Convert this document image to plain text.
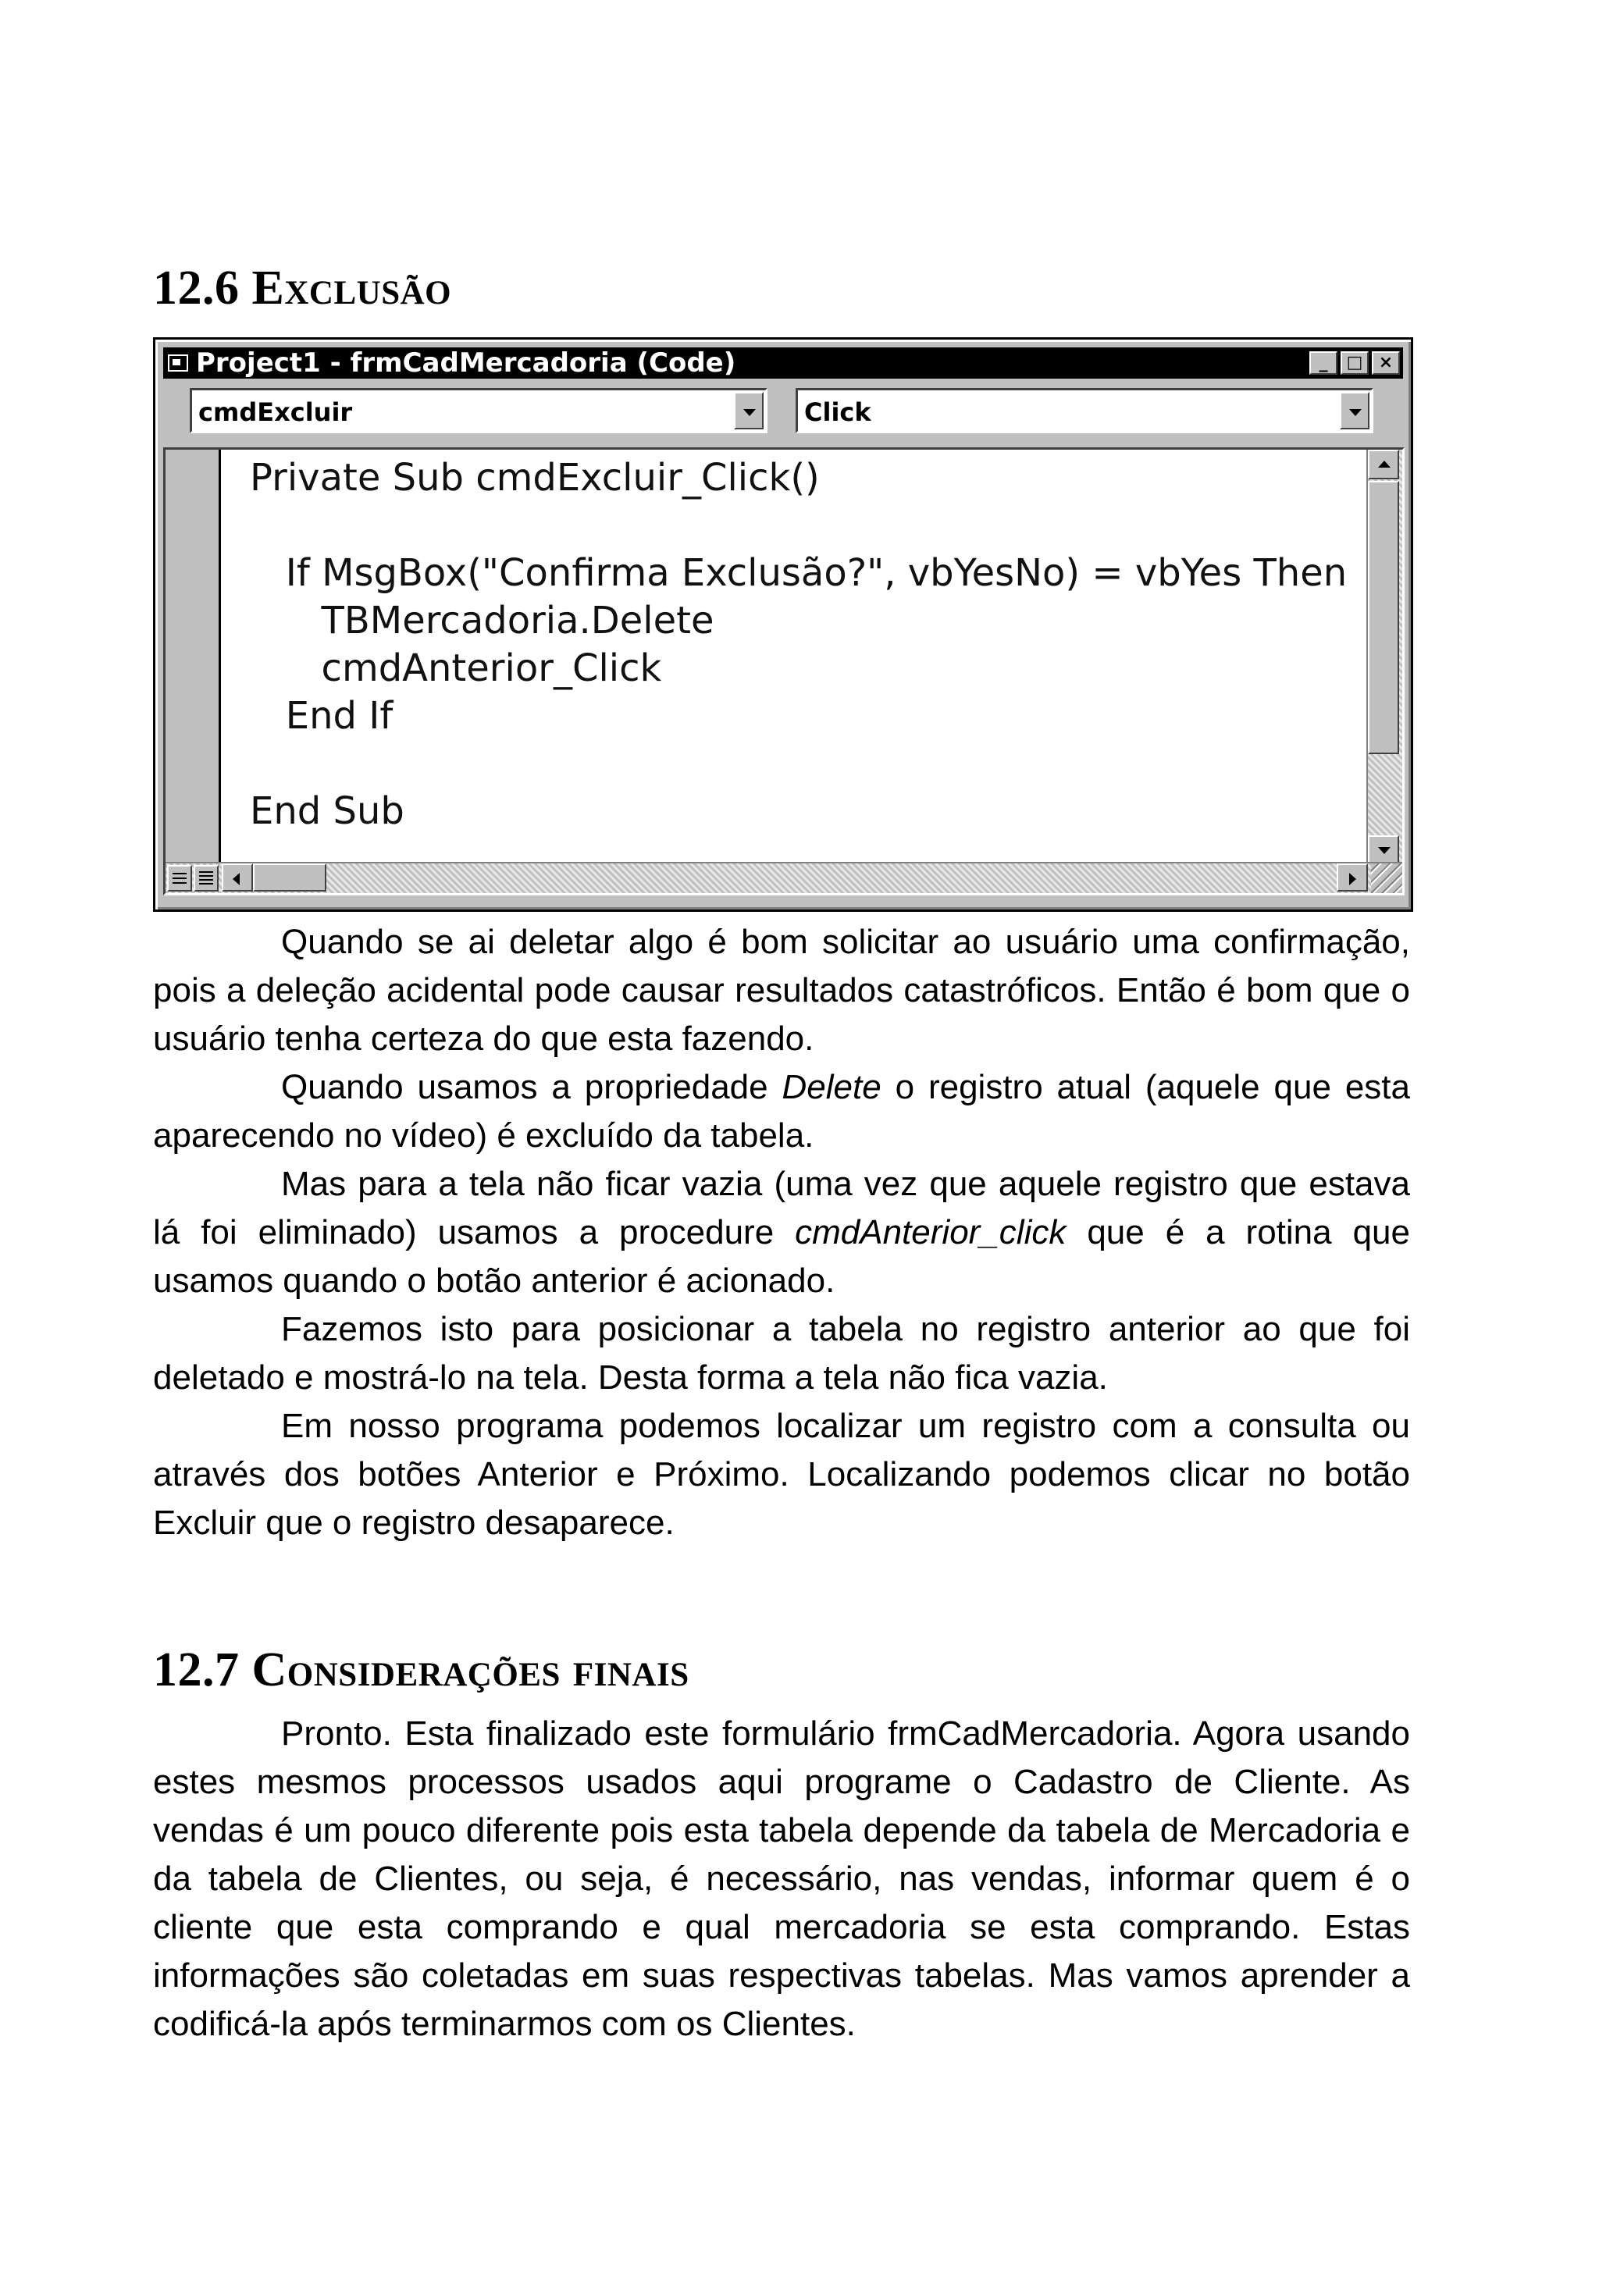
12.6 Exclusão
Project1 - frmCadMercadoria (Code)	_	□ ×
cmdExcluir	Click
Private Sub cmdExcluir_Click()

If MsgBox("Confirma Exclusão?", vbYesNo) = vbYes Then
TBMercadoria.Delete
cmdAnterior_Click
End If

End Sub

Quando se ai deletar algo é bom solicitar ao usuário uma confirmação, pois a deleção acidental pode causar resultados catastróficos. Então é bom que o usuário tenha certeza do que esta fazendo.

Quando usamos a propriedade Delete o registro atual (aquele que esta aparecendo no vídeo) é excluído da tabela.

Mas para a tela não ficar vazia (uma vez que aquele registro que estava lá foi eliminado) usamos a procedure cmdAnterior_click que é a rotina que usamos quando o botão anterior é acionado.

Fazemos isto para posicionar a tabela no registro anterior ao que foi deletado e mostrá-lo na tela. Desta forma a tela não fica vazia.

Em nosso programa podemos localizar um registro com a consulta ou através dos botões Anterior e Próximo. Localizando podemos clicar no botão Excluir que o registro desaparece.

12.7 Considerações finais

Pronto. Esta finalizado este formulário frmCadMercadoria. Agora usando estes mesmos processos usados aqui programe o Cadastro de Cliente. As vendas é um pouco diferente pois esta tabela depende da tabela de Mercadoria e da tabela de Clientes, ou seja, é necessário, nas vendas, informar quem é o cliente que esta comprando e qual mercadoria se esta comprando. Estas informações são coletadas em suas respectivas tabelas. Mas vamos aprender a codificá-la após terminarmos com os Clientes.
